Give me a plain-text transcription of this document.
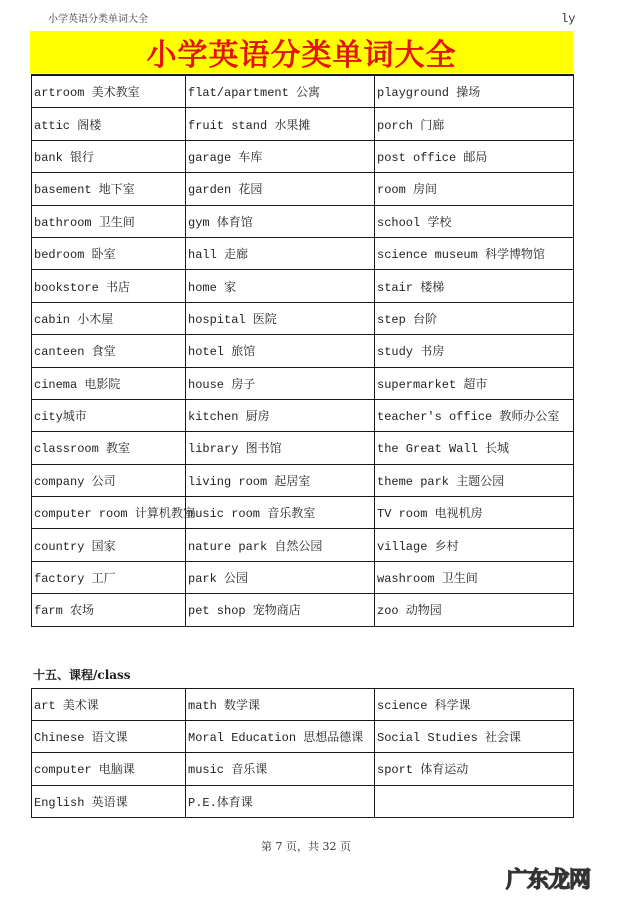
小学英语分类单词大全	ly
小学英语分类单词大全
artroom 美术教室	flat/apartment 公寓	playground 操场
attic 阁楼	fruit stand 水果摊	porch 门廊
bank 银行	garage 车库	post office 邮局
basement 地下室	garden 花园	room 房间
bathroom 卫生间	gym 体育馆	school 学校
bedroom 卧室	hall 走廊	science museum 科学博物馆
bookstore 书店	home 家	stair 楼梯
cabin 小木屋	hospital 医院	step 台阶
canteen 食堂	hotel 旅馆	study 书房
cinema 电影院	house 房子	supermarket 超市
city城市	kitchen 厨房	teacher's office 教师办公室
classroom 教室	library 图书馆	the Great Wall 长城
company 公司	living room 起居室	theme park 主题公园
computer room 计算机教室	music room 音乐教室	TV room 电视机房
country 国家	nature park 自然公园	village 乡村
factory 工厂	park 公园	washroom 卫生间
farm 农场	pet shop 宠物商店	zoo 动物园
十五、课程/class
art 美术课	math 数学课	science 科学课
Chinese 语文课	Moral Education 思想品德课	Social Studies 社会课
computer 电脑课	music 音乐课	sport 体育运动
English 英语课	P.E.体育课	
第 7 页，共 32 页
广东龙网
